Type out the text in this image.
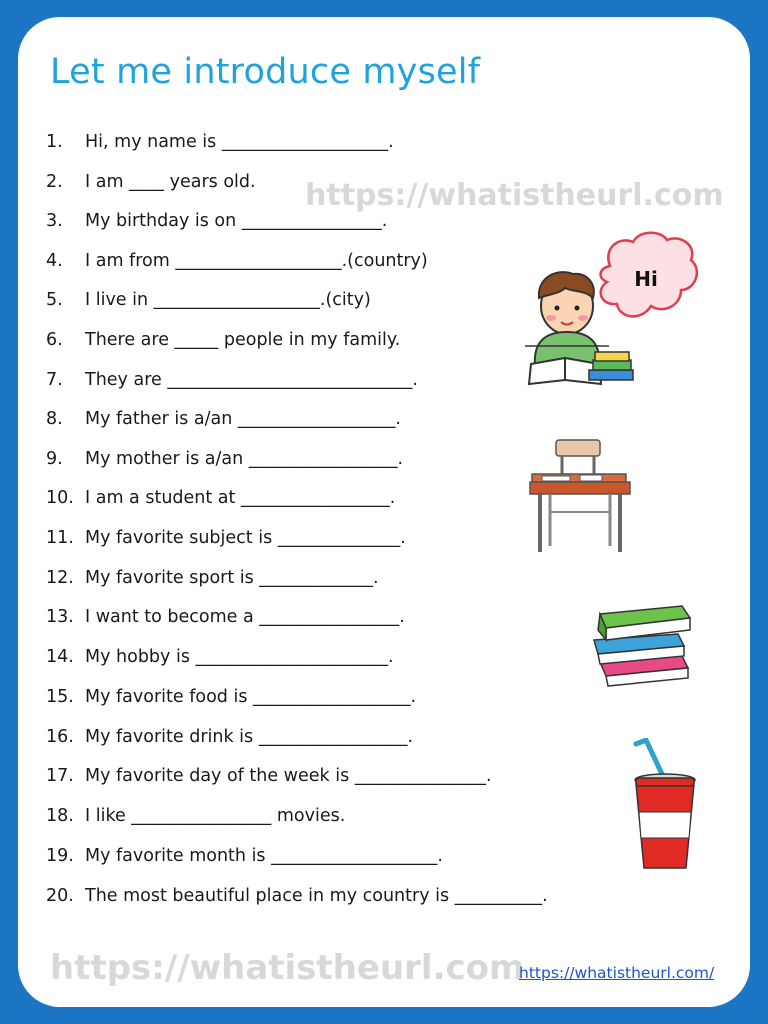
Let me introduce myself
https://whatistheurl.com
1. Hi, my name is ___________________.
2. I am ____ years old.
3. My birthday is on ________________.
4. I am from ___________________.(country)
5. I live in ___________________.(city)
6. There are _____ people in my family.
7. They are ____________________________.
8. My father is a/an __________________.
9. My mother is a/an _________________.
10. I am a student at _________________.
11. My favorite subject is ______________.
12. My favorite sport is _____________.
13. I want to become a ________________.
14. My hobby is ______________________.
15. My favorite food is __________________.
16. My favorite drink is _________________.
17. My favorite day of the week is _______________.
18. I like ________________ movies.
19. My favorite month is ___________________.
20. The most beautiful place in my country is __________.
Hi
https://whatistheurl.com
https://whatistheurl.com/
